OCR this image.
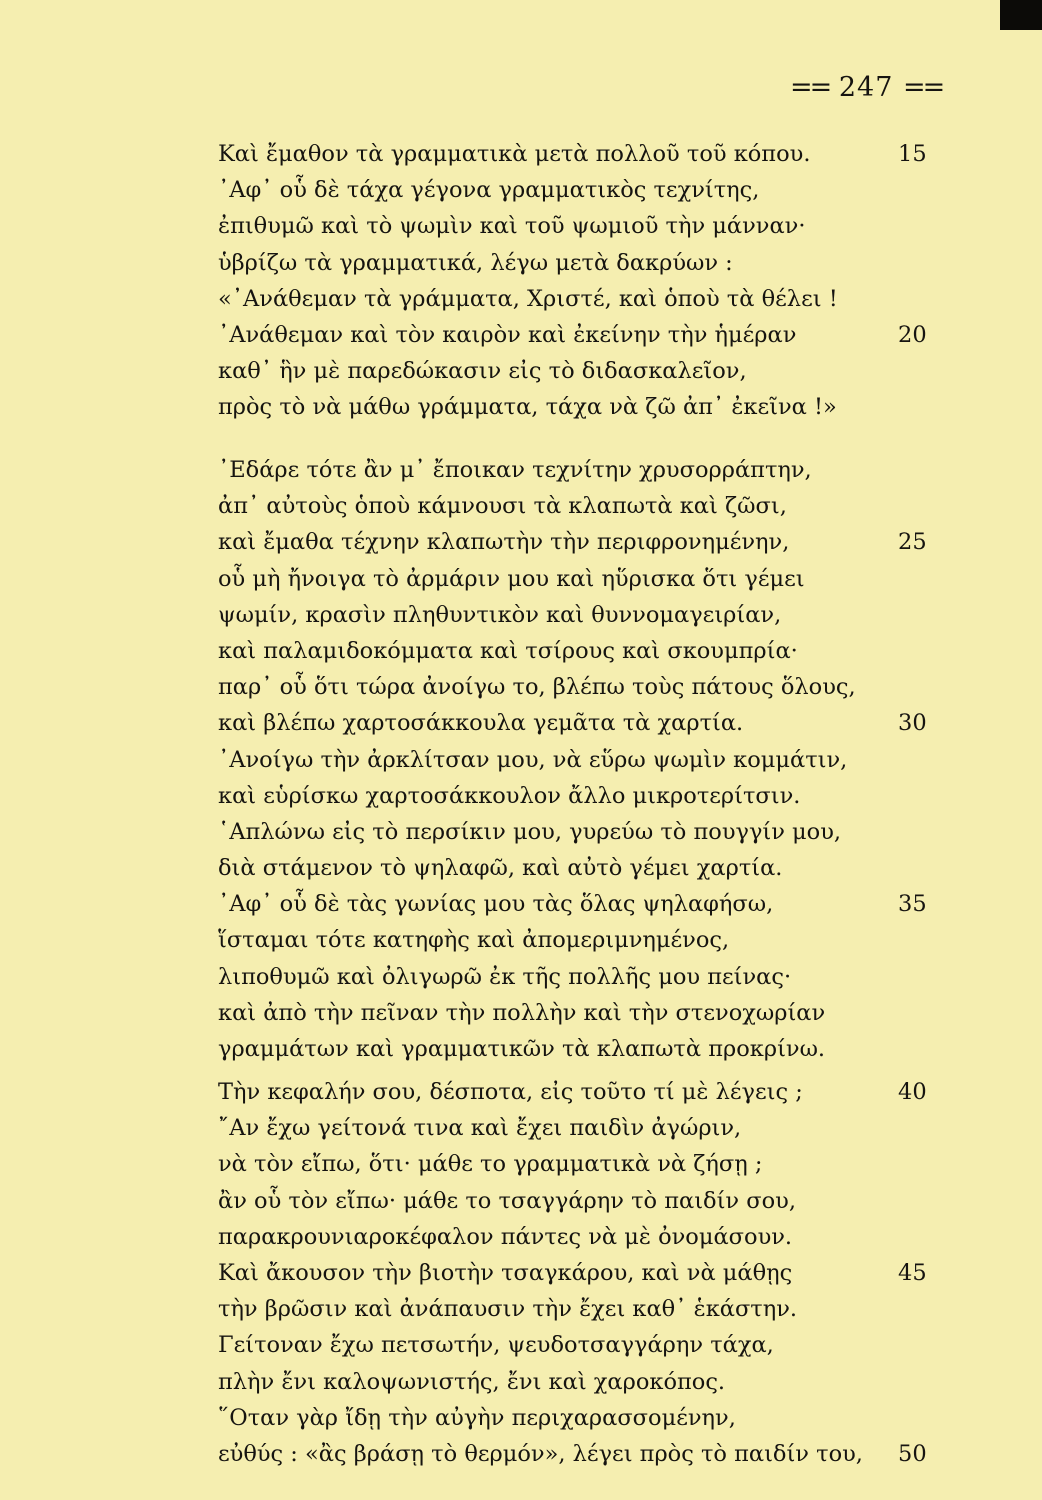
== 247 ==
Καὶ ἔμαθον τὰ γραμματικὰ μετὰ πολλοῦ τοῦ κόπου.	15
᾿Αφ᾿ οὗ δὲ τάχα γέγονα γραμματικὸς τεχνίτης,
ἐπιθυμῶ καὶ τὸ ψωμὶν καὶ τοῦ ψωμιοῦ τὴν μάνναν·
ὑβρίζω τὰ γραμματικά, λέγω μετὰ δακρύων :
«᾿Ανάθεμαν τὰ γράμματα, Χριστέ, καὶ ὁποὺ τὰ θέλει !
᾿Ανάθεμαν καὶ τὸν καιρὸν καὶ ἐκείνην τὴν ἡμέραν	20
καθ᾿ ἣν μὲ παρεδώκασιν εἰς τὸ διδασκαλεῖον,
πρὸς τὸ νὰ μάθω γράμματα, τάχα νὰ ζῶ ἀπ᾿ ἐκεῖνα !»
᾿Εδάρε τότε ἂν μ᾿ ἔποικαν τεχνίτην χρυσορράπτην,
ἀπ᾿ αὐτοὺς ὁποὺ κάμνουσι τὰ κλαπωτὰ καὶ ζῶσι,
καὶ ἔμαθα τέχνην κλαπωτὴν τὴν περιφρονημένην,	25
οὗ μὴ ἤνοιγα τὸ ἀρμάριν μου καὶ ηὕρισκα ὅτι γέμει
ψωμίν, κρασὶν πληθυντικὸν καὶ θυννομαγειρίαν,
καὶ παλαμιδοκόμματα καὶ τσίρους καὶ σκουμπρία·
παρ᾿ οὗ ὅτι τώρα ἀνοίγω το, βλέπω τοὺς πάτους ὅλους,
καὶ βλέπω χαρτοσάκκουλα γεμᾶτα τὰ χαρτία.	30
᾿Ανοίγω τὴν ἀρκλίτσαν μου, νὰ εὕρω ψωμὶν κομμάτιν,
καὶ εὑρίσκω χαρτοσάκκουλον ἄλλο μικροτερίτσιν.
῾Απλώνω εἰς τὸ περσίκιν μου, γυρεύω τὸ πουγγίν μου,
διὰ στάμενον τὸ ψηλαφῶ, καὶ αὐτὸ γέμει χαρτία.
᾿Αφ᾿ οὗ δὲ τὰς γωνίας μου τὰς ὅλας ψηλαφήσω,	35
ἵσταμαι τότε κατηφὴς καὶ ἀπομεριμνημένος,
λιποθυμῶ καὶ ὀλιγωρῶ ἐκ τῆς πολλῆς μου πείνας·
καὶ ἀπὸ τὴν πεῖναν τὴν πολλὴν καὶ τὴν στενοχωρίαν
γραμμάτων καὶ γραμματικῶν τὰ κλαπωτὰ προκρίνω.
Τὴν κεφαλήν σου, δέσποτα, εἰς τοῦτο τί μὲ λέγεις ;	40
῎Αν ἔχω γείτονά τινα καὶ ἔχει παιδὶν ἀγώριν,
νὰ τὸν εἴπω, ὅτι· μάθε το γραμματικὰ νὰ ζήσῃ ;
ἂν οὗ τὸν εἴπω· μάθε το τσαγγάρην τὸ παιδίν σου,
παρακρουνιαροκέφαλον πάντες νὰ μὲ ὀνομάσουν.
Καὶ ἄκουσον τὴν βιοτὴν τσαγκάρου, καὶ νὰ μάθῃς	45
τὴν βρῶσιν καὶ ἀνάπαυσιν τὴν ἔχει καθ᾿ ἑκάστην.
Γείτοναν ἔχω πετσωτήν, ψευδοτσαγγάρην τάχα,
πλὴν ἔνι καλοψωνιστής, ἔνι καὶ χαροκόπος.
῞Οταν γὰρ ἴδῃ τὴν αὐγὴν περιχαρασσομένην,
εὐθύς : «ἂς βράσῃ τὸ θερμόν», λέγει πρὸς τὸ παιδίν του, 50
